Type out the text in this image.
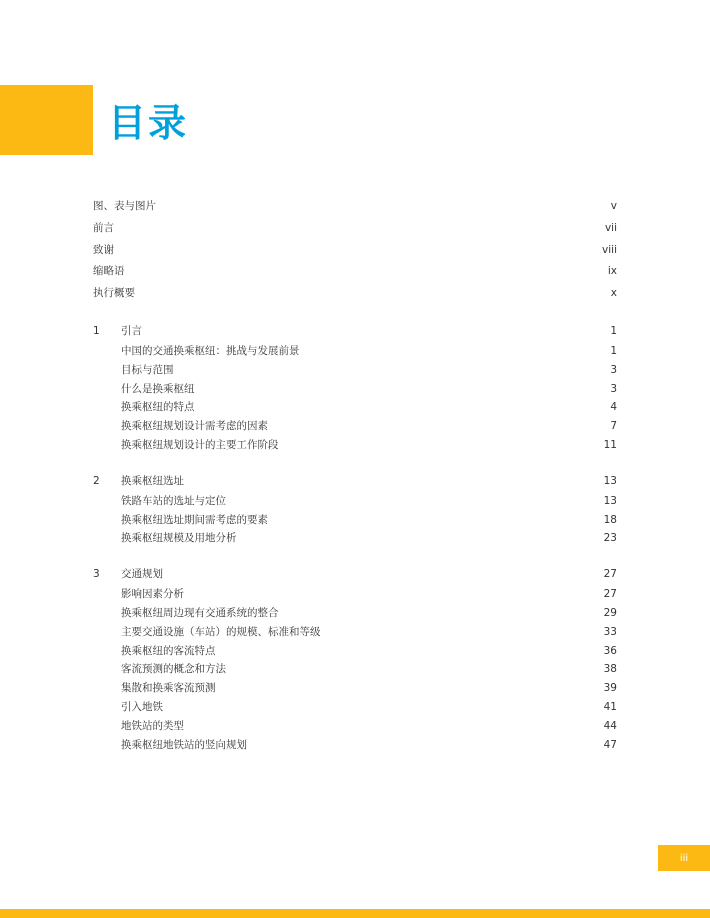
目录
图、表与图片	v
前言	vii
致谢	viii
缩略语	ix
执行概要	x
1	引言	1
中国的交通换乘枢纽：挑战与发展前景	1
目标与范围	3
什么是换乘枢纽	3
换乘枢纽的特点	4
换乘枢纽规划设计需考虑的因素	7
换乘枢纽规划设计的主要工作阶段	11
2	换乘枢纽选址	13
铁路车站的选址与定位	13
换乘枢纽选址期间需考虑的要素	18
换乘枢纽规模及用地分析	23
3	交通规划	27
影响因素分析	27
换乘枢纽周边现有交通系统的整合	29
主要交通设施（车站）的规模、标准和等级	33
换乘枢纽的客流特点	36
客流预测的概念和方法	38
集散和换乘客流预测	39
引入地铁	41
地铁站的类型	44
换乘枢纽地铁站的竖向规划	47
iii
